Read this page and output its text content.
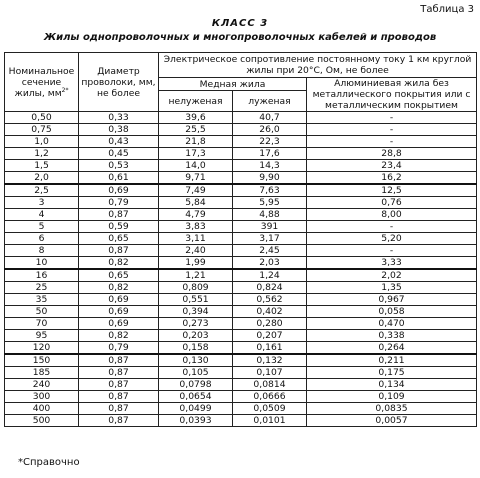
Таблица 3
КЛАСС 3
Жилы однопроволочных и многопроволочных кабелей и проводов
Номинальное сечение жилы, $мм^{2*}$	Диаметр проволоки, мм, не более	Электрическое сопротивление постоянному току 1 км круглой жилы при 20°С, Ом, не более		
		Медная жила		Алюминиевая жила без металлического покрытия или с металлическим покрытием
		нелуженая	луженая	
0,50	0,33	39,6	40,7	-
0,75	0,38	25,5	26,0	-
1,0	0,43	21,8	22,3	-
1,2	0,45	17,3	17,6	28,8
1,5	0,53	14,0	14,3	23,4
2,0	0,61	9,71	9,90	16,2
2,5	0,69	7,49	7,63	12,5
3	0,79	5,84	5,95	0,76
4	0,87	4,79	4,88	8,00
5	0,59	3,83	391	-
6	0,65	3,11	3,17	5,20
8	0,87	2,40	2,45	-
10	0,82	1,99	2,03	3,33
16	0,65	1,21	1,24	2,02
25	0,82	0,809	0,824	1,35
35	0,69	0,551	0,562	0,967
50	0,69	0,394	0,402	0,058
70	0,69	0,273	0,280	0,470
95	0,82	0,203	0,207	0,338
120	0,79	0,158	0,161	0,264
150	0,87	0,130	0,132	0,211
185	0,87	0,105	0,107	0,175
240	0,87	0,0798	0,0814	0,134
300	0,87	0,0654	0,0666	0,109
400	0,87	0,0499	0,0509	0,0835
500	0,87	0,0393	0,0101	0,0057
*Справочно
